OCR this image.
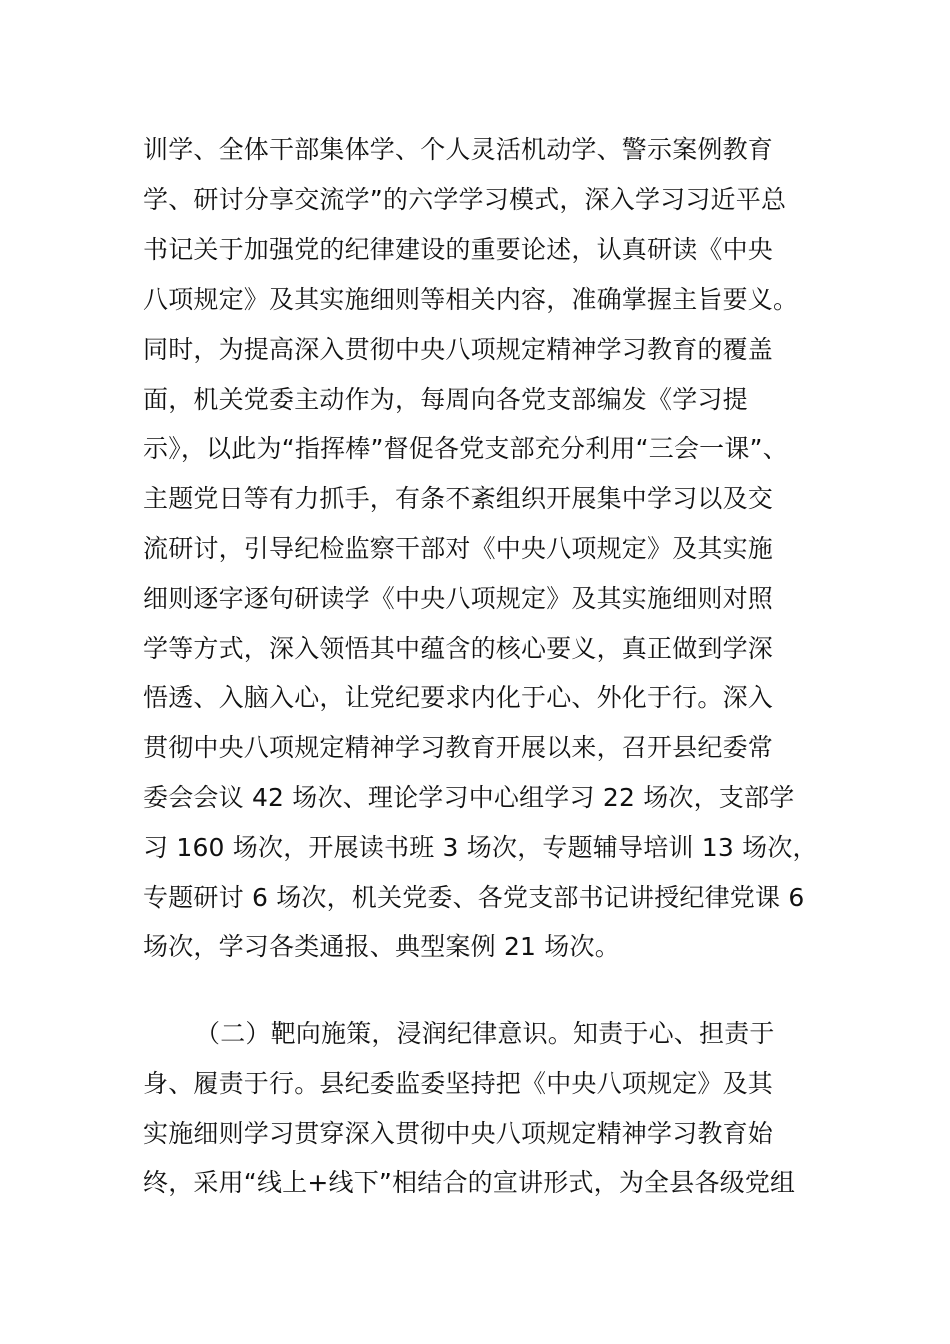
训学、全体干部集体学、个人灵活机动学、警示案例教育
学、研讨分享交流学”的六学学习模式，深入学习习近平总
书记关于加强党的纪律建设的重要论述，认真研读《中央
八项规定》及其实施细则等相关内容，准确掌握主旨要义。
同时，为提高深入贯彻中央八项规定精神学习教育的覆盖
面，机关党委主动作为，每周向各党支部编发《学习提
示》，以此为“指挥棒”督促各党支部充分利用“三会一课”、
主题党日等有力抓手，有条不紊组织开展集中学习以及交
流研讨，引导纪检监察干部对《中央八项规定》及其实施
细则逐字逐句研读学《中央八项规定》及其实施细则对照
学等方式，深入领悟其中蕴含的核心要义，真正做到学深
悟透、入脑入心，让党纪要求内化于心、外化于行。深入
贯彻中央八项规定精神学习教育开展以来，召开县纪委常
委会会议 42 场次、理论学习中心组学习 22 场次，支部学
习 160 场次，开展读书班 3 场次，专题辅导培训 13 场次，
专题研讨 6 场次，机关党委、各党支部书记讲授纪律党课 6
场次，学习各类通报、典型案例 21 场次。
（二）靶向施策，浸润纪律意识。知责于心、担责于
身、履责于行。县纪委监委坚持把《中央八项规定》及其
实施细则学习贯穿深入贯彻中央八项规定精神学习教育始
终，采用“线上+线下”相结合的宣讲形式，为全县各级党组
